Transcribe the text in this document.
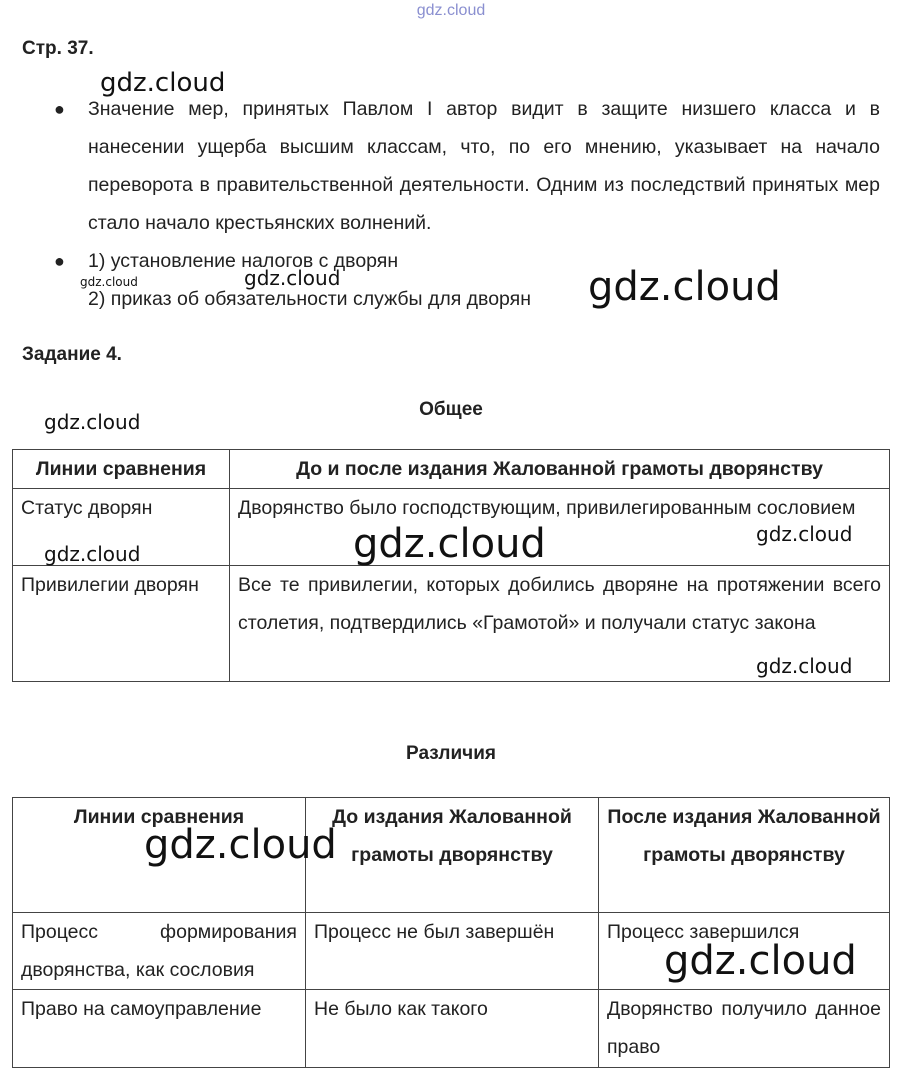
gdz.cloud
Стр. 37.
● Значение мер, принятых Павлом I автор видит в защите низшего класса и в нанесении ущерба высшим классам, что, по его мнению, указывает на начало переворота в правительственной деятельности. Одним из последствий принятых мер стало начало крестьянских волнений.
● 1) установление налогов с дворян
2) приказ об обязательности службы для дворян
Задание 4.
Общее
Линии сравнения	До и после издания Жалованной грамоты дворянству
Статус дворян	Дворянство было господствующим, привилегированным сословием
Привилегии дворян	Все те привилегии, которых добились дворяне на протяжении всего столетия, подтвердились «Грамотой» и получали статус закона
Различия
Линии сравнения	До издания Жалованной грамоты дворянству	После издания Жалованной грамоты дворянству
Процесс формирования дворянства, как сословия	Процесс не был завершён	Процесс завершился
Право на самоуправление	Не было как такого	Дворянство получило данное право
gdz.cloud
gdz.cloud	gdz.cloud	gdz.cloud
gdz.cloud
gdz.cloud	gdz.cloud	gdz.cloud
gdz.cloud
gdz.cloud
gdz.cloud
